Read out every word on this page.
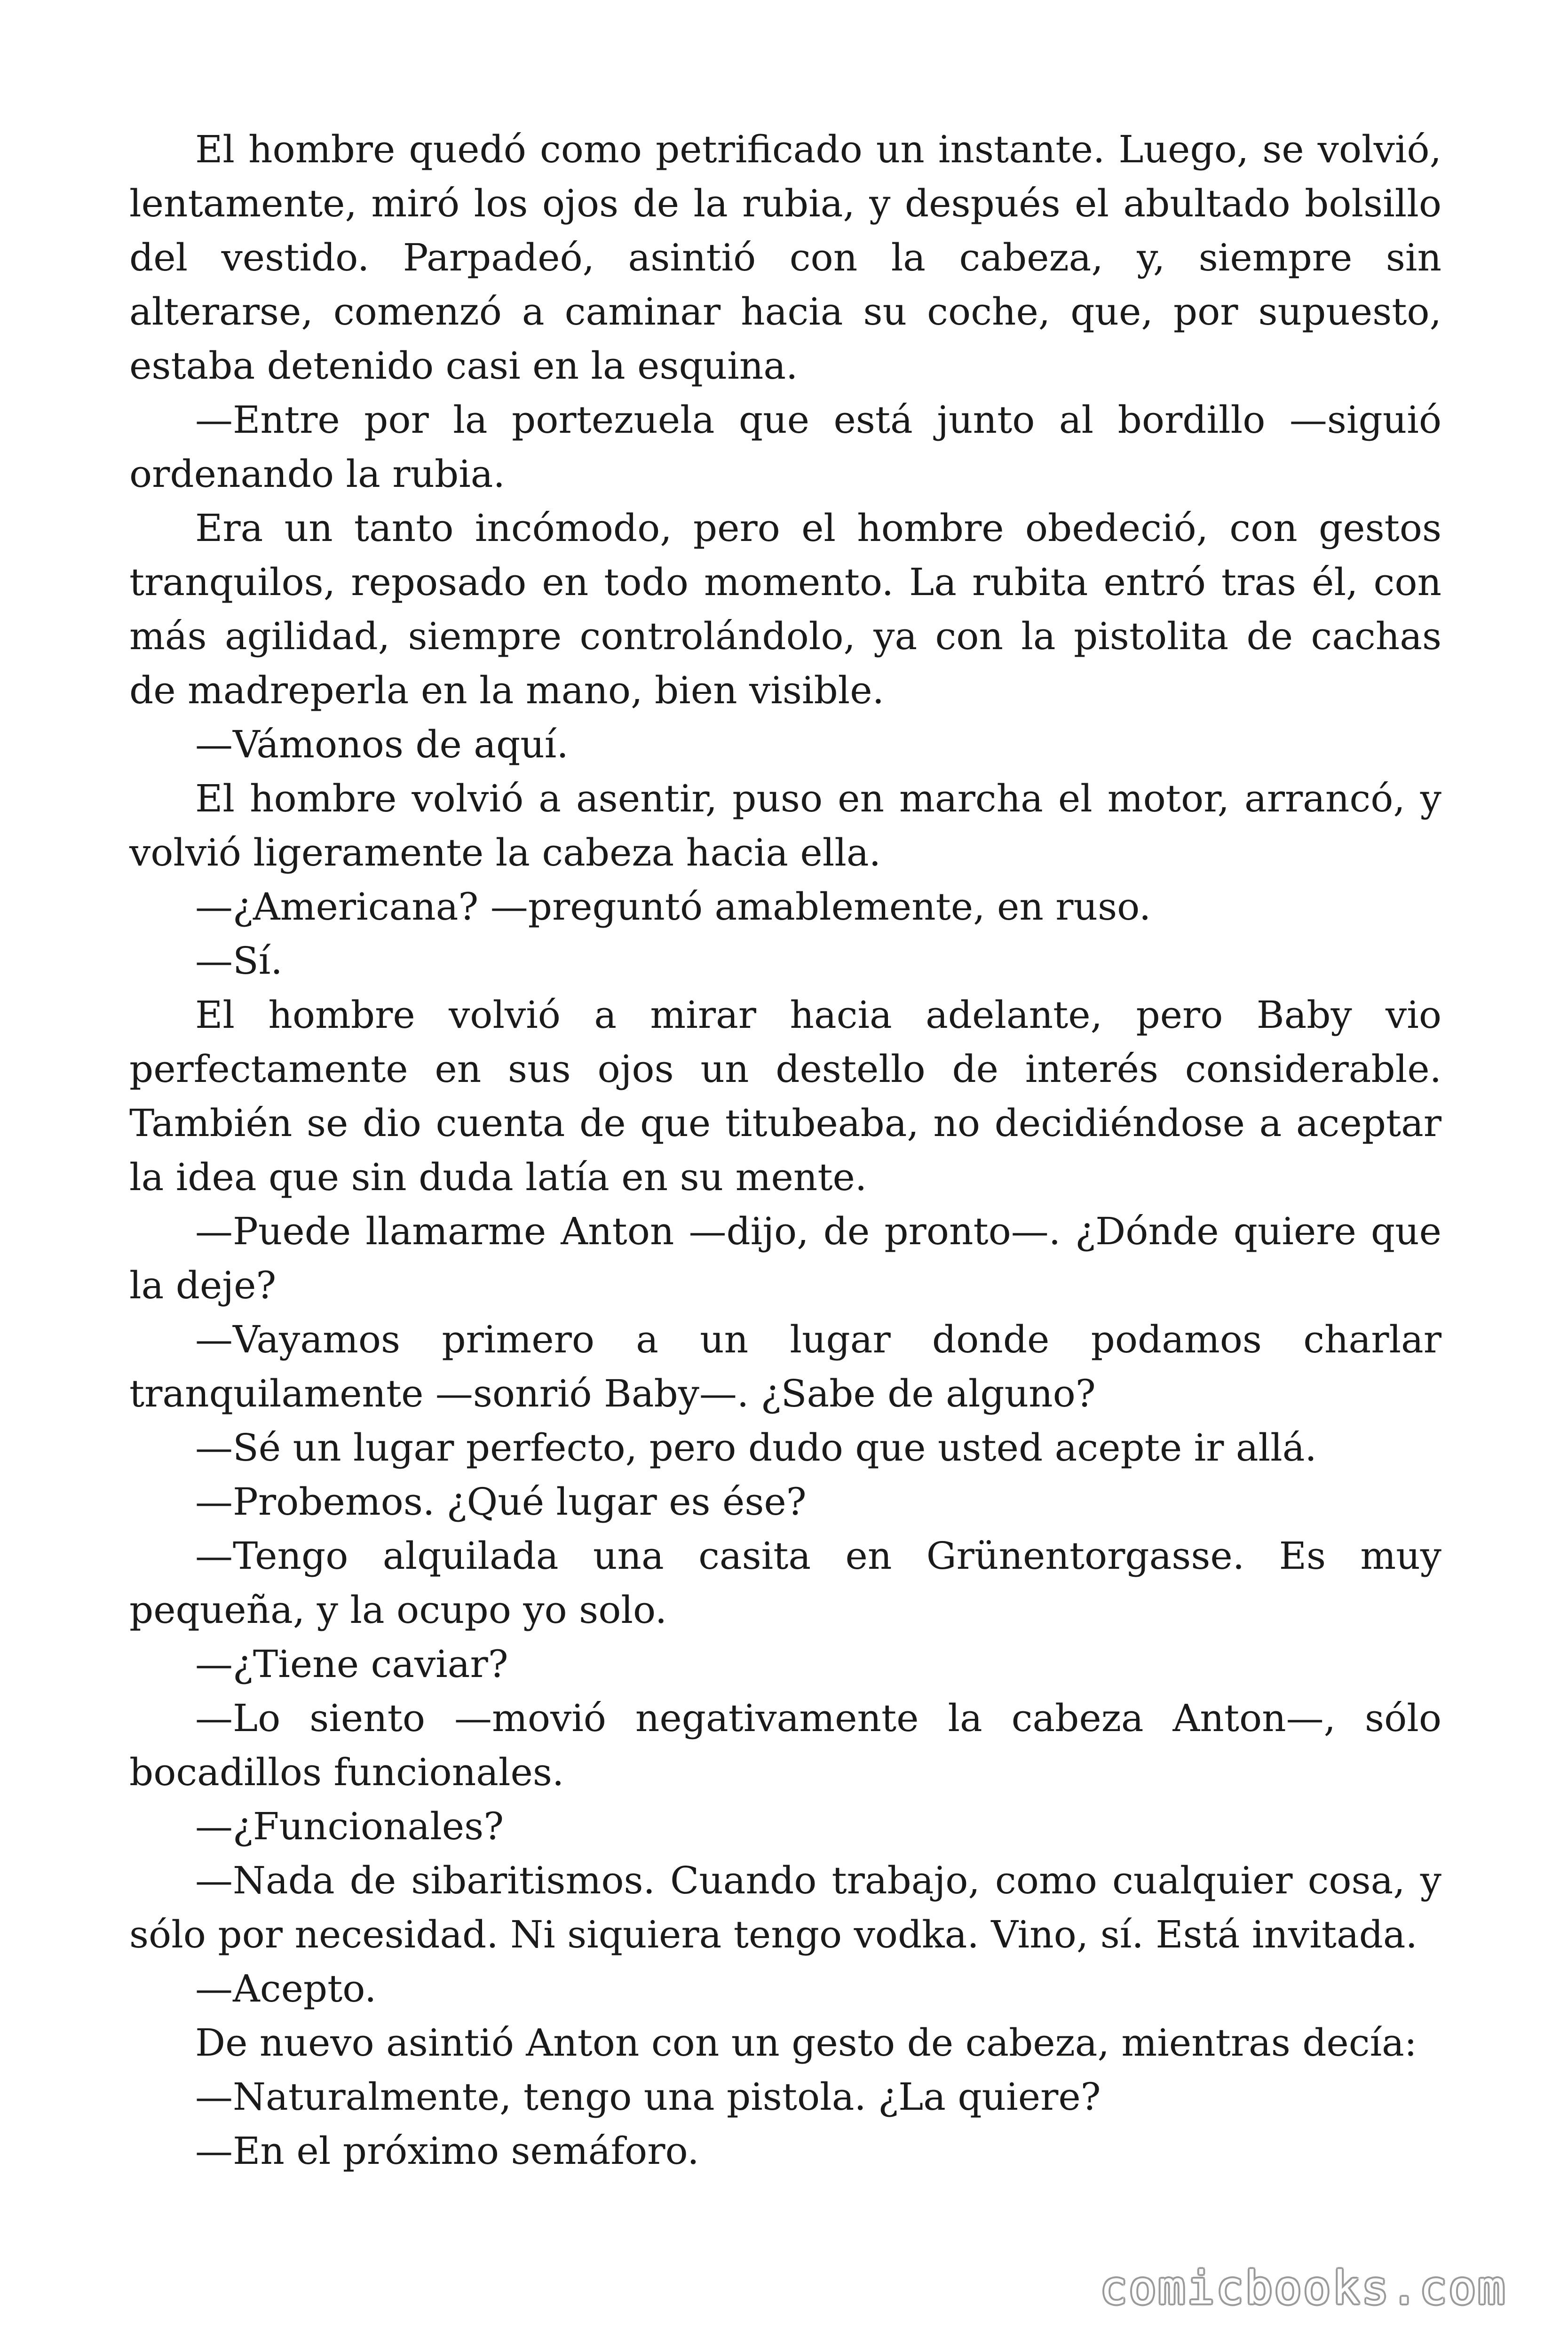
El hombre quedó como petrificado un instante. Luego, se volvió, lentamente, miró los ojos de la rubia, y después el abultado bolsillo del vestido. Parpadeó, asintió con la cabeza, y, siempre sin alterarse, comenzó a caminar hacia su coche, que, por supuesto, estaba detenido casi en la esquina.

—Entre por la portezuela que está junto al bordillo —siguió ordenando la rubia.

Era un tanto incómodo, pero el hombre obedeció, con gestos tranquilos, reposado en todo momento. La rubita entró tras él, con más agilidad, siempre controlándolo, ya con la pistolita de cachas de madreperla en la mano, bien visible.

—Vámonos de aquí.

El hombre volvió a asentir, puso en marcha el motor, arrancó, y volvió ligeramente la cabeza hacia ella.

—¿Americana? —preguntó amablemente, en ruso.

—Sí.

El hombre volvió a mirar hacia adelante, pero Baby vio perfectamente en sus ojos un destello de interés considerable. También se dio cuenta de que titubeaba, no decidiéndose a aceptar la idea que sin duda latía en su mente.

—Puede llamarme Anton —dijo, de pronto—. ¿Dónde quiere que la deje?

—Vayamos primero a un lugar donde podamos charlar tranquilamente —sonrió Baby—. ¿Sabe de alguno?

—Sé un lugar perfecto, pero dudo que usted acepte ir allá.

—Probemos. ¿Qué lugar es ése?

—Tengo alquilada una casita en Grünentorgasse. Es muy pequeña, y la ocupo yo solo.

—¿Tiene caviar?

—Lo siento —movió negativamente la cabeza Anton—, sólo bocadillos funcionales.

—¿Funcionales?

—Nada de sibaritismos. Cuando trabajo, como cualquier cosa, y sólo por necesidad. Ni siquiera tengo vodka. Vino, sí. Está invitada.

—Acepto.

De nuevo asintió Anton con un gesto de cabeza, mientras decía:

—Naturalmente, tengo una pistola. ¿La quiere?

—En el próximo semáforo.

comicbooks.com
